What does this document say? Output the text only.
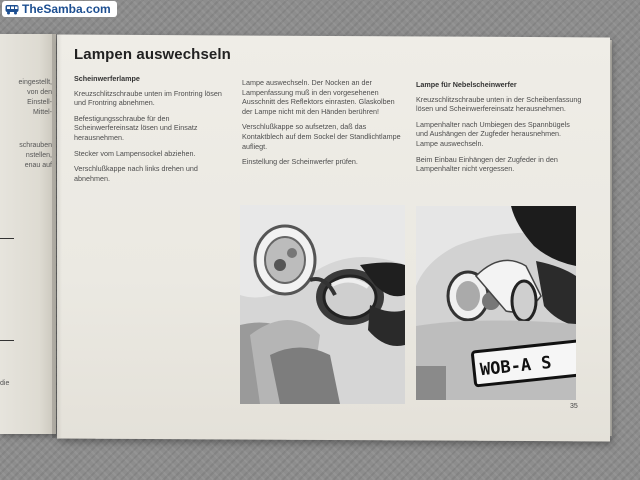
TheSamba.com
eingestellt,
von den
Einstell-
Mittel-
schrauben
nstellen,
enau auf
die
Lampen auswechseln
Scheinwerferlampe

Kreuzschlitzschraube unten im Frontring lösen und Frontring abnehmen.

Befestigungsschraube für den Scheinwerfereinsatz lösen und Einsatz herausnehmen.

Stecker vom Lampensockel abziehen.

Verschlußkappe nach links drehen und abnehmen.

Lampe auswechseln. Der Nocken an der Lampenfassung muß in den vorgesehenen Ausschnitt des Reflektors einrasten. Glaskolben der Lampe nicht mit den Händen berühren!

Verschlußkappe so aufsetzen, daß das Kontaktblech auf dem Sockel der Standlichtlampe aufliegt.

Einstellung der Scheinwerfer prüfen.

Lampe für Nebelscheinwerfer

Kreuzschlitzschraube unten in der Scheibenfassung lösen und Scheinwerfereinsatz herausnehmen.

Lampenhalter nach Umbiegen des Spannbügels und Aushängen der Zugfeder herausnehmen. Lampe auswechseln.

Beim Einbau Einhängen der Zugfeder in den Lampenhalter nicht vergessen.

WOB-A S
35
